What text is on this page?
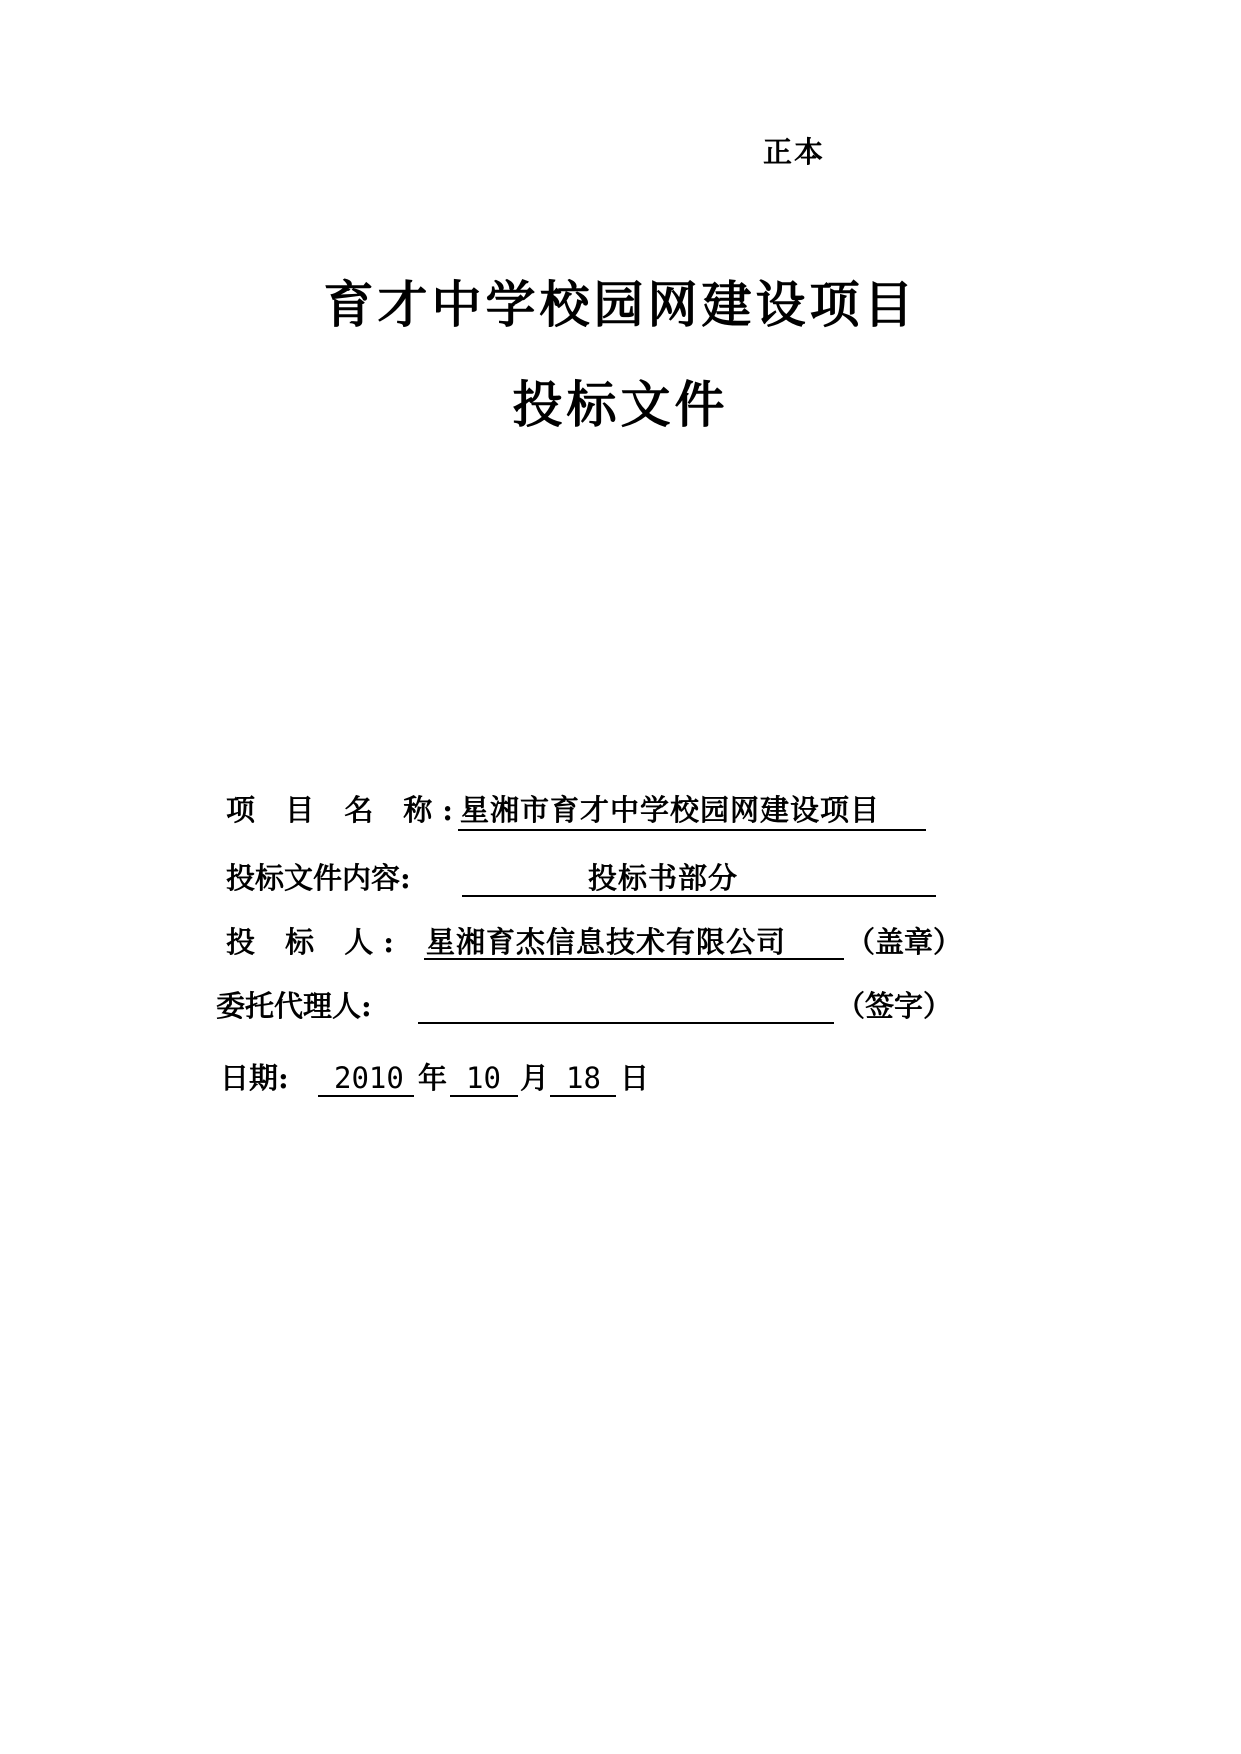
正本
育才中学校园网建设项目
投标文件
项 目 名 称:
星湘市育才中学校园网建设项目
投标文件内容:	投标书部分
投 标 人: 星湘育杰信息技术有限公司 （盖章）
委托代理人:	（签字）
日期: 2010 年 10 月 18 日
